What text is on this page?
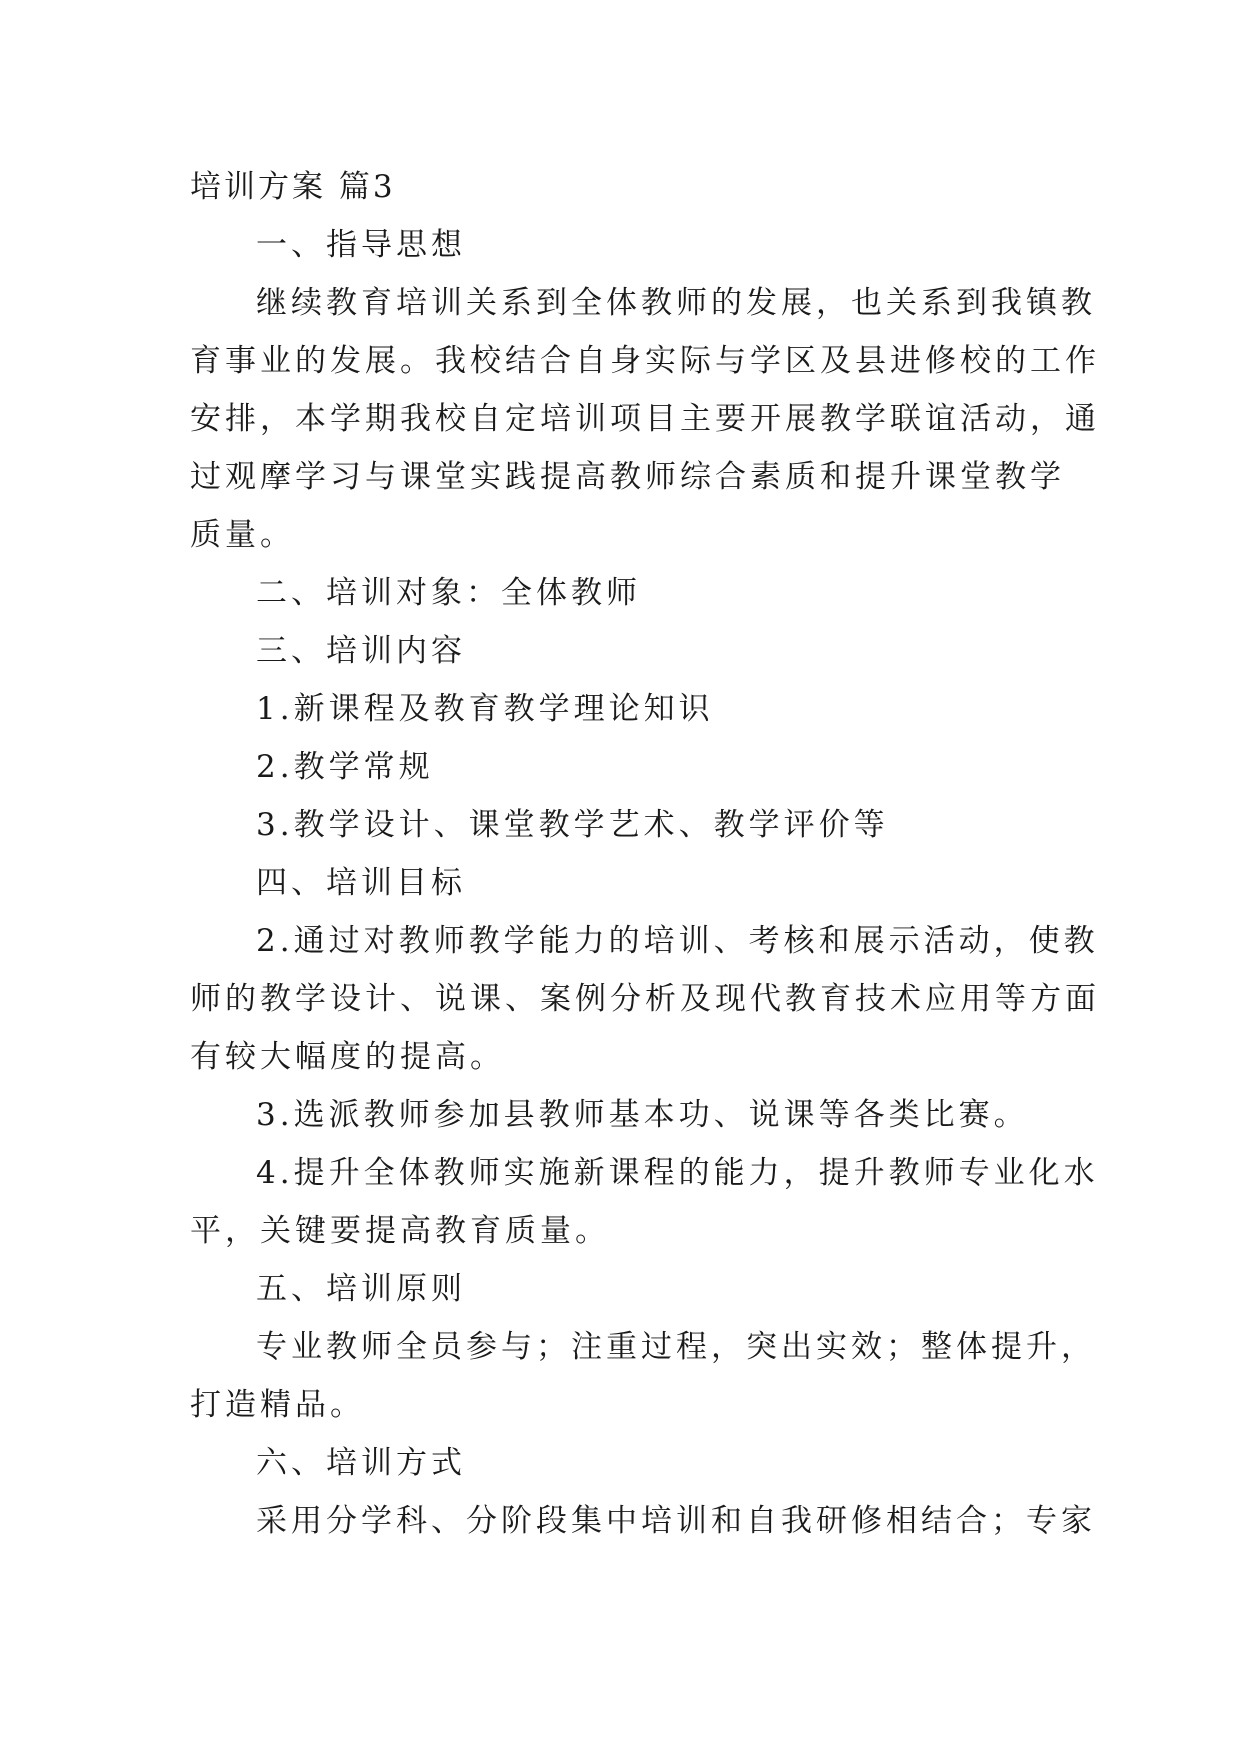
培训方案 篇3

一、指导思想

继续教育培训关系到全体教师的发展，也关系到我镇教

育事业的发展。我校结合自身实际与学区及县进修校的工作

安排，本学期我校自定培训项目主要开展教学联谊活动，通

过观摩学习与课堂实践提高教师综合素质和提升课堂教学

质量。

二、培训对象：全体教师

三、培训内容

1.新课程及教育教学理论知识

2.教学常规

3.教学设计、课堂教学艺术、教学评价等

四、培训目标

2.通过对教师教学能力的培训、考核和展示活动，使教

师的教学设计、说课、案例分析及现代教育技术应用等方面

有较大幅度的提高。

3.选派教师参加县教师基本功、说课等各类比赛。

4.提升全体教师实施新课程的能力，提升教师专业化水

平，关键要提高教育质量。

五、培训原则

专业教师全员参与；注重过程，突出实效；整体提升，

打造精品。

六、培训方式

采用分学科、分阶段集中培训和自我研修相结合；专家
